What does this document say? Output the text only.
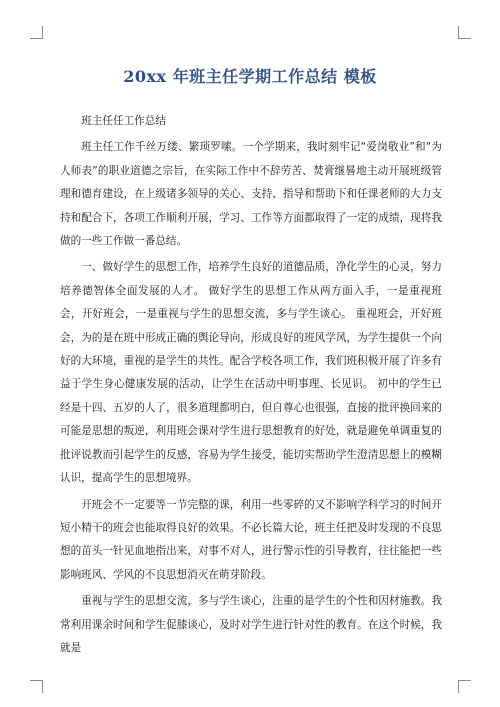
20xx 年班主任学期工作总结 模板

班主任任工作总结

班主任工作千丝万缕、繁琐罗嗦。一个学期来，我时刻牢记“爱岗敬业”和“为人师表”的职业道德之宗旨，在实际工作中不辞劳苦、焚膏继晷地主动开展班级管理和德育建设，在上级诸多领导的关心、支持、指导和帮助下和任课老师的大力支持和配合下，各项工作顺利开展，学习、工作等方面都取得了一定的成绩，现将我做的一些工作做一番总结。

一、做好学生的思想工作，培养学生良好的道德品质，净化学生的心灵，努力培养德智体全面发展的人才。 做好学生的思想工作从两方面入手，一是重视班会，开好班会，一是重视与学生的思想交流，多与学生谈心。 重视班会，开好班会，为的是在班中形成正确的舆论导向，形成良好的班风学风，为学生提供一个向好的大环境，重视的是学生的共性。配合学校各项工作，我们班积极开展了许多有益于学生身心健康发展的活动，让学生在活动中明事理、长见识。 初中的学生已经是十四、五岁的人了，很多道理都明白，但自尊心也很强，直接的批评换回来的可能是思想的叛逆，利用班会课对学生进行思想教育的好处，就是避免单调重复的批评说教而引起学生的反感，容易为学生接受，能切实帮助学生澄清思想上的模糊认识，提高学生的思想境界。

开班会不一定要等一节完整的课，利用一些零碎的又不影响学科学习的时间开短小精干的班会也能取得良好的效果。不必长篇大论，班主任把及时发现的不良思想的苗头一针见血地指出来，对事不对人，进行警示性的引导教育，往往能把一些影响班风、学风的不良思想消灭在萌芽阶段。

重视与学生的思想交流，多与学生谈心，注重的是学生的个性和因材施教。我常利用课余时间和学生促膝谈心，及时对学生进行针对性的教育。在这个时候，我就是
